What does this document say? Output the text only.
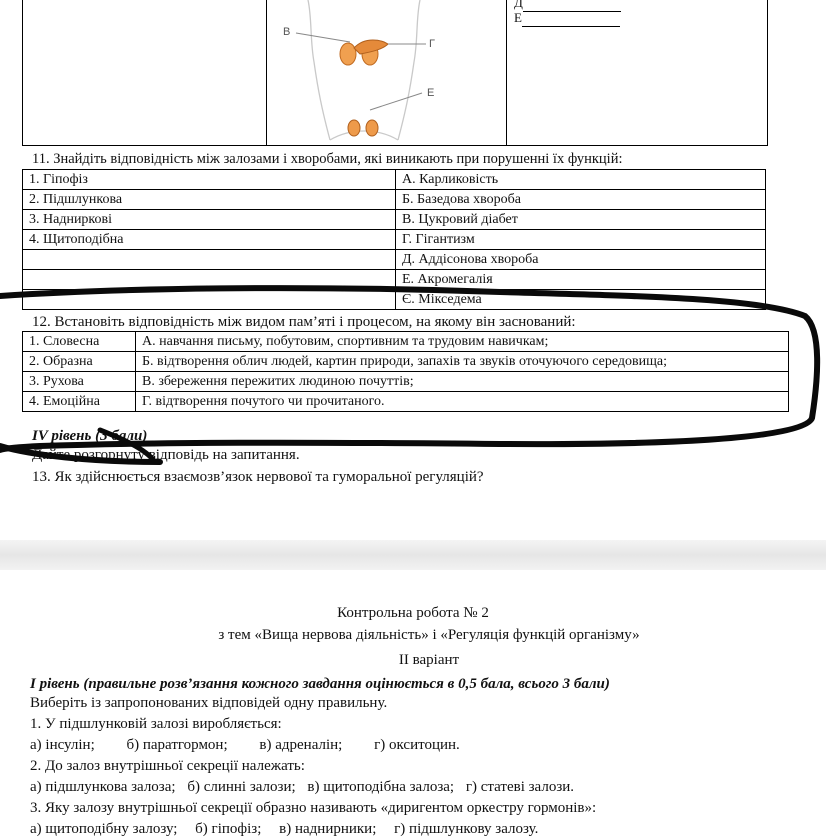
В
Г
Е
Д
Е
11. Знайдіть відповідність між залозами і хворобами, які виникають при порушенні їх функцій:
1. Гіпофіз	А. Карликовість
2. Підшлункова	Б. Базедова хвороба
3. Надниркові	В. Цукровий діабет
4. Щитоподібна	Г. Гігантизм
	Д. Аддісонова хвороба
	Е. Акромегалія
	Є. Мікседема
12. Встановіть відповідність між видом пам’яті і процесом, на якому він заснований:
1. Словесна	А. навчання письму, побутовим, спортивним та трудовим навичкам;
2. Образна	Б. відтворення облич людей, картин природи, запахів та звуків оточуючого середовища;
3. Рухова	В. збереження пережитих людиною почуттів;
4. Емоційна	Г. відтворення почутого чи прочитаного.
IV рівень (3 бали)
Дайте розгорнуту відповідь на запитання.
13. Як здійснюється взаємозв’язок нервової та гуморальної регуляцій?
Контрольна робота № 2
з тем «Вища нервова діяльність» і «Регуляція функцій організму»
ІІ варіант
І рівень (правильне розв’язання кожного завдання оцінюється в 0,5 бала, всього 3 бали)
Виберіть із запропонованих відповідей одну правильну.
1. У підшлунковій залозі виробляється:
а) інсулін; б) паратгормон; в) адреналін; г) окситоцин.
2. До залоз внутрішньої секреції належать:
а) підшлункова залоза; б) слинні залози; в) щитоподібна залоза; г) статеві залози.
3. Яку залозу внутрішньої секреції образно називають «диригентом оркестру гормонів»:
а) щитоподібну залозу; б) гіпофіз; в) наднирники; г) підшлункову залозу.
